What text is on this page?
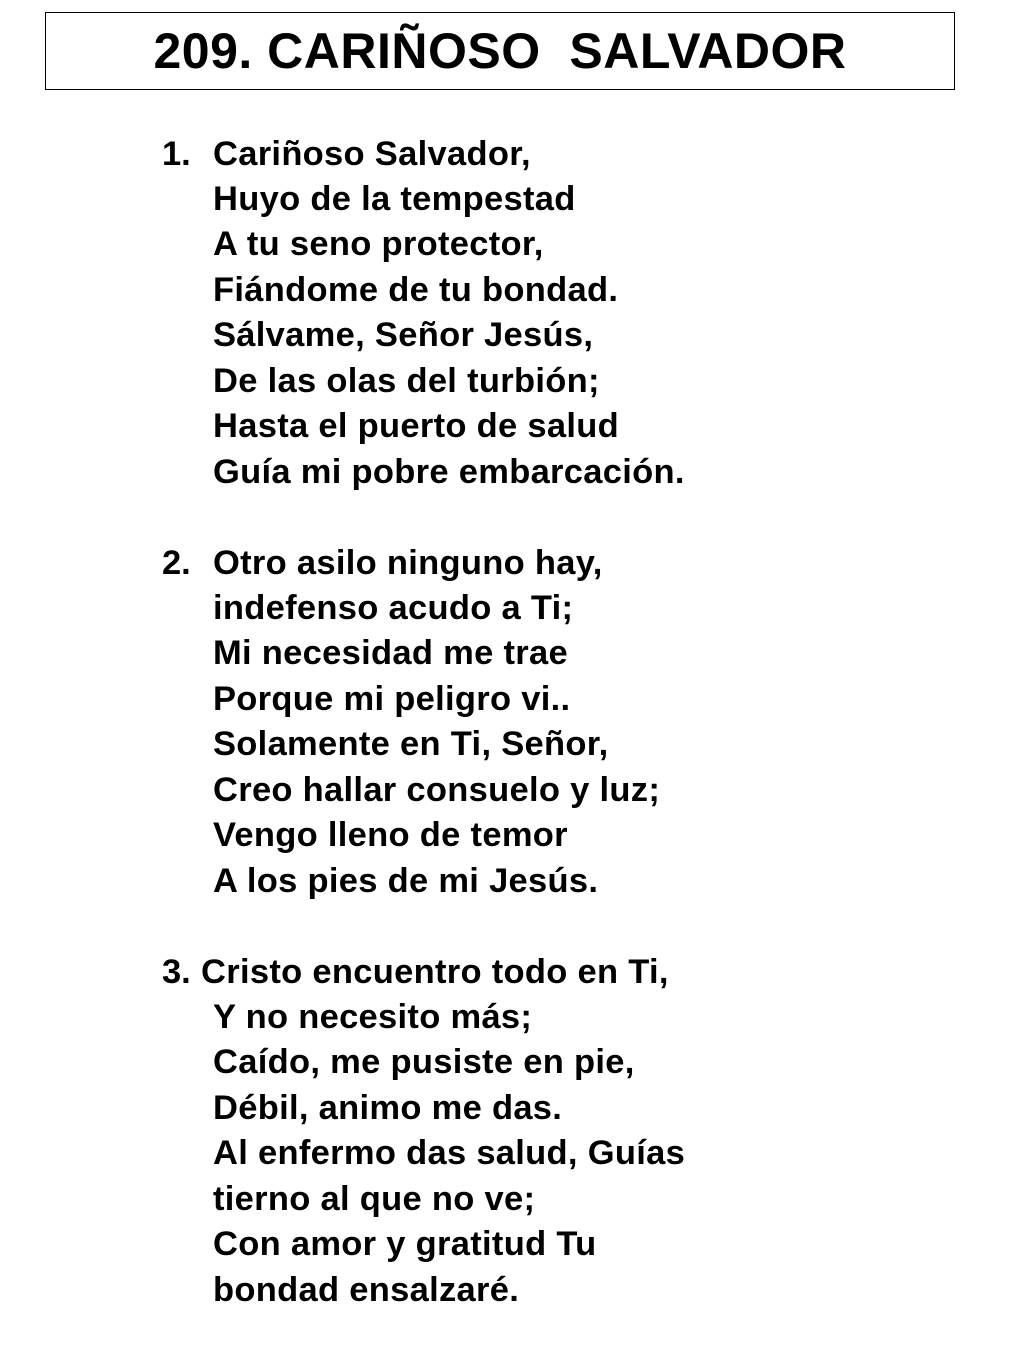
209. CARIÑOSO  SALVADOR
1. Cariñoso Salvador,
Huyo de la tempestad
A tu seno protector,
Fiándome de tu bondad.
Sálvame, Señor Jesús,
De las olas del turbión;
Hasta el puerto de salud
Guía mi pobre embarcación.
2. Otro asilo ninguno hay,
indefenso acudo a Ti;
Mi necesidad me trae
Porque mi peligro vi..
Solamente en Ti, Señor,
Creo hallar consuelo y luz;
Vengo lleno de temor
A los pies de mi Jesús.
3. Cristo encuentro todo en Ti,
Y no necesito más;
Caído, me pusiste en pie,
Débil, animo me das.
Al enfermo das salud, Guías
tierno al que no ve;
Con amor y gratitud Tu
bondad ensalzaré.
